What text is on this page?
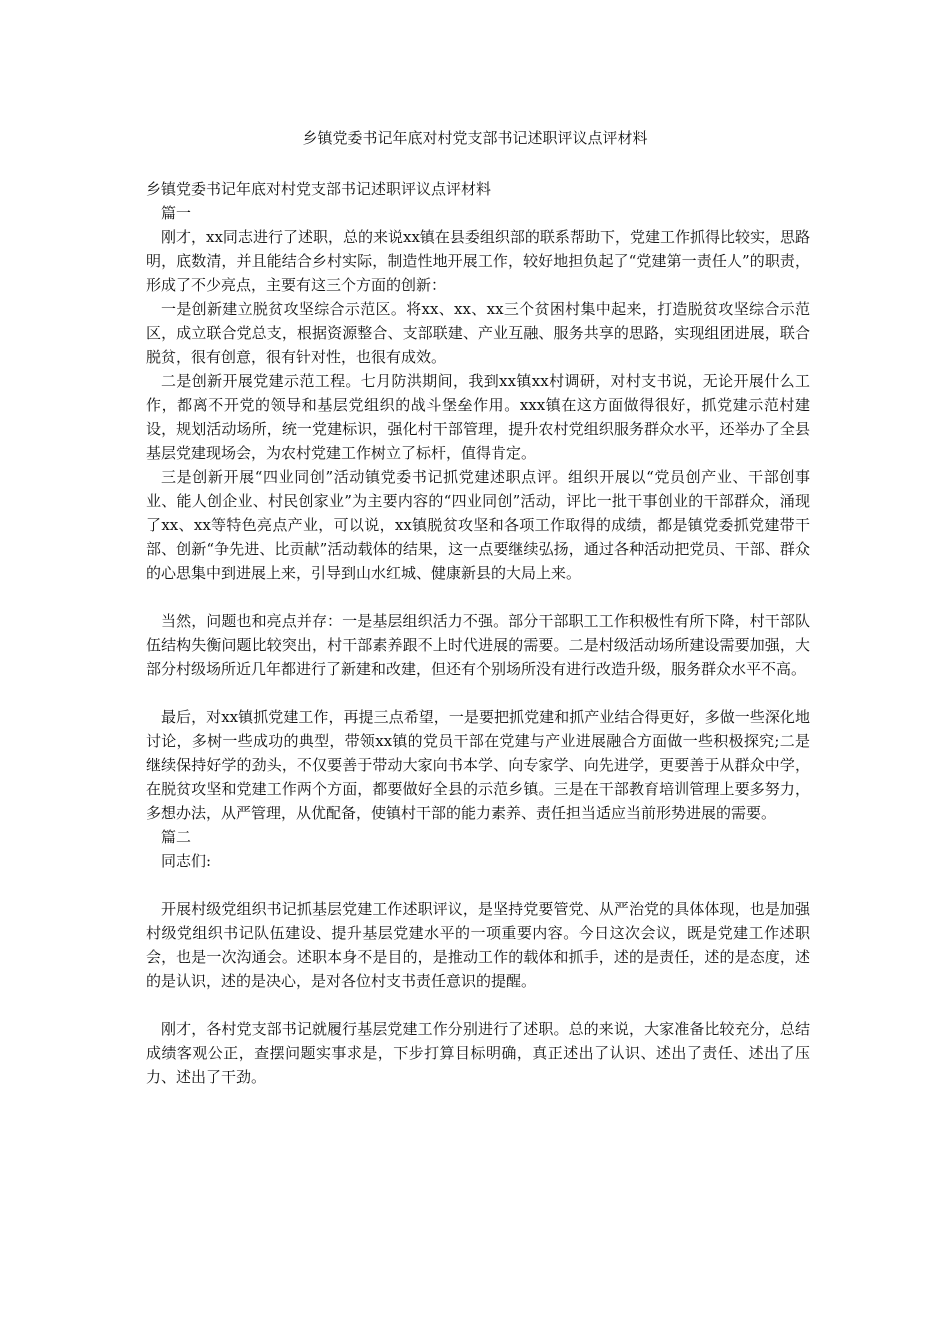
乡镇党委书记年底对村党支部书记述职评议点评材料

乡镇党委书记年底对村党支部书记述职评议点评材料

篇一

刚才，xx同志进行了述职，总的来说xx镇在县委组织部的联系帮助下，党建工作抓得比较实，思路明，底数清，并且能结合乡村实际，制造性地开展工作，较好地担负起了“党建第一责任人”的职责，形成了不少亮点，主要有这三个方面的创新：

一是创新建立脱贫攻坚综合示范区。将xx、xx、xx三个贫困村集中起来，打造脱贫攻坚综合示范区，成立联合党总支，根据资源整合、支部联建、产业互融、服务共享的思路，实现组团进展，联合脱贫，很有创意，很有针对性，也很有成效。

二是创新开展党建示范工程。七月防洪期间，我到xx镇xx村调研，对村支书说，无论开展什么工作，都离不开党的领导和基层党组织的战斗堡垒作用。xxx镇在这方面做得很好，抓党建示范村建设，规划活动场所，统一党建标识，强化村干部管理，提升农村党组织服务群众水平，还举办了全县基层党建现场会，为农村党建工作树立了标杆，值得肯定。

三是创新开展“四业同创”活动镇党委书记抓党建述职点评。组织开展以“党员创产业、干部创事业、能人创企业、村民创家业”为主要内容的“四业同创”活动，评比一批干事创业的干部群众，涌现了xx、xx等特色亮点产业，可以说，xx镇脱贫攻坚和各项工作取得的成绩，都是镇党委抓党建带干部、创新“争先进、比贡献”活动载体的结果，这一点要继续弘扬，通过各种活动把党员、干部、群众的心思集中到进展上来，引导到山水红城、健康新县的大局上来。

当然，问题也和亮点并存：一是基层组织活力不强。部分干部职工工作积极性有所下降，村干部队伍结构失衡问题比较突出，村干部素养跟不上时代进展的需要。二是村级活动场所建设需要加强，大部分村级场所近几年都进行了新建和改建，但还有个别场所没有进行改造升级，服务群众水平不高。

最后，对xx镇抓党建工作，再提三点希望，一是要把抓党建和抓产业结合得更好，多做一些深化地讨论，多树一些成功的典型，带领xx镇的党员干部在党建与产业进展融合方面做一些积极探究;二是继续保持好学的劲头，不仅要善于带动大家向书本学、向专家学、向先进学，更要善于从群众中学，在脱贫攻坚和党建工作两个方面，都要做好全县的示范乡镇。三是在干部教育培训管理上要多努力，多想办法，从严管理，从优配备，使镇村干部的能力素养、责任担当适应当前形势进展的需要。

篇二

同志们:

开展村级党组织书记抓基层党建工作述职评议，是坚持党要管党、从严治党的具体体现，也是加强村级党组织书记队伍建设、提升基层党建水平的一项重要内容。今日这次会议，既是党建工作述职会，也是一次沟通会。述职本身不是目的，是推动工作的载体和抓手，述的是责任，述的是态度，述的是认识，述的是决心，是对各位村支书责任意识的提醒。

刚才，各村党支部书记就履行基层党建工作分别进行了述职。总的来说，大家准备比较充分，总结成绩客观公正，查摆问题实事求是，下步打算目标明确，真正述出了认识、述出了责任、述出了压力、述出了干劲。
